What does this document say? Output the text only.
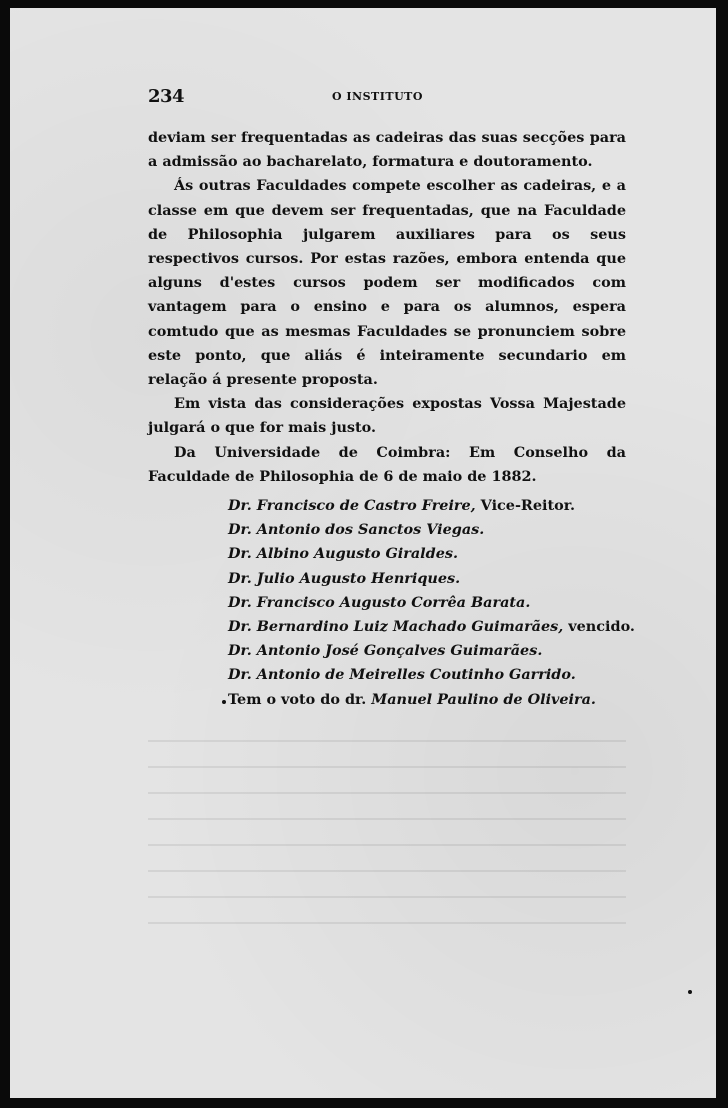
234	O INSTITUTO

deviam ser frequentadas as cadeiras das suas secções para a admissão ao bacharelato, formatura e doutoramento.

Ás outras Faculdades compete escolher as cadeiras, e a classe em que devem ser frequentadas, que na Faculdade de Philosophia julgarem auxiliares para os seus respectivos cursos. Por estas razões, embora entenda que alguns d'estes cursos podem ser modificados com vantagem para o ensino e para os alumnos, espera comtudo que as mesmas Faculdades se pronunciem sobre este ponto, que aliás é inteiramente secundario em relação á presente proposta.

Em vista das considerações expostas Vossa Majestade julgará o que for mais justo.

Da Universidade de Coimbra: Em Conselho da Faculdade de Philosophia de 6 de maio de 1882.

Dr. Francisco de Castro Freire, Vice-Reitor.
Dr. Antonio dos Sanctos Viegas.
Dr. Albino Augusto Giraldes.
Dr. Julio Augusto Henriques.
Dr. Francisco Augusto Corrêa Barata.
Dr. Bernardino Luiz Machado Guimarães, vencido.
Dr. Antonio José Gonçalves Guimarães.
Dr. Antonio de Meirelles Coutinho Garrido.
Tem o voto do dr. Manuel Paulino de Oliveira.
